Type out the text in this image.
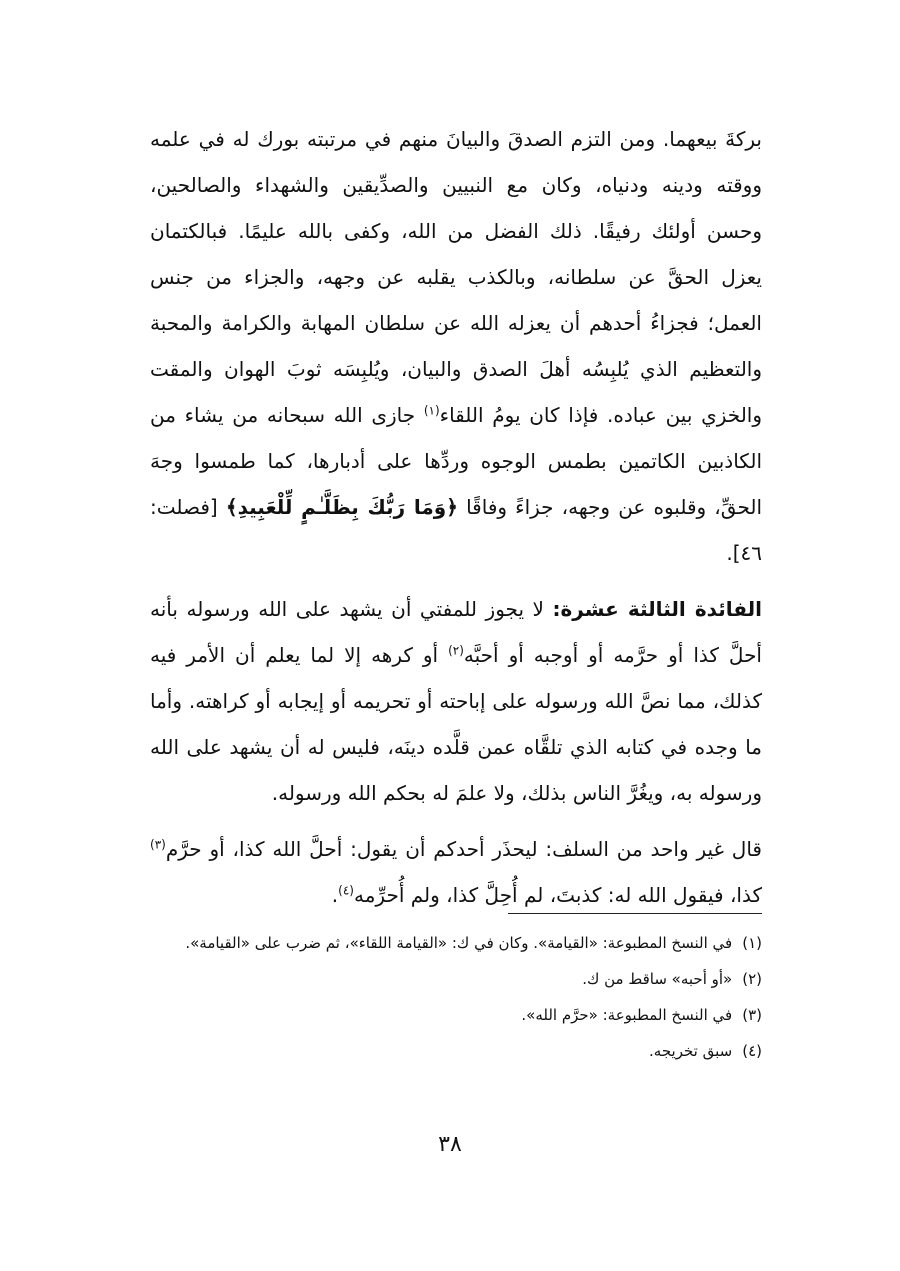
بركةَ بيعهما. ومن التزم الصدقَ والبيانَ منهم في مرتبته بورك له في علمه ووقته ودينه ودنياه، وكان مع النبيين والصدِّيقين والشهداء والصالحين، وحسن أولئك رفيقًا. ذلك الفضل من الله، وكفى بالله عليمًا. فبالكتمان يعزل الحقَّ عن سلطانه، وبالكذب يقلبه عن وجهه، والجزاء من جنس العمل؛ فجزاءُ أحدهم أن يعزله الله عن سلطان المهابة والكرامة والمحبة والتعظيم الذي يُلبِسُه أهلَ الصدق والبيان، ويُلبِسَه ثوبَ الهوان والمقت والخزي بين عباده. فإذا كان يومُ اللقاء$^{(١)}$ جازى الله سبحانه من يشاء من الكاذبين الكاتمين بطمس الوجوه وردِّها على أدبارها، كما طمسوا وجهَ الحقِّ، وقلبوه عن وجهه، جزاءً وفاقًا ﴿وَمَا رَبُّكَ بِظَلَّـٰمٍ لِّلْعَبِيدِ﴾ [فصلت: ٤٦].

الفائدة الثالثة عشرة: لا يجوز للمفتي أن يشهد على الله ورسوله بأنه أحلَّ كذا أو حرَّمه أو أوجبه أو أحبَّه$^{(٢)}$ أو كرهه إلا لما يعلم أن الأمر فيه كذلك، مما نصَّ الله ورسوله على إباحته أو تحريمه أو إيجابه أو كراهته. وأما ما وجده في كتابه الذي تلقَّاه عمن قلَّده دينَه، فليس له أن يشهد على الله ورسوله به، ويغُرَّ الناس بذلك، ولا علمَ له بحكم الله ورسوله.

قال غير واحد من السلف: ليحذَر أحدكم أن يقول: أحلَّ الله كذا، أو حرَّم$^{(٣)}$ كذا، فيقول الله له: كذبتَ، لم أُحِلَّ كذا، ولم أُحرِّمه$^{(٤)}$.

(١)
في النسخ المطبوعة: «القيامة». وكان في ك: «القيامة اللقاء»، ثم ضرب على «القيامة».

(٢)
«أو أحبه» ساقط من ك.

(٣)
في النسخ المطبوعة: «حرَّم الله».

(٤)
سبق تخريجه.

٣٨
